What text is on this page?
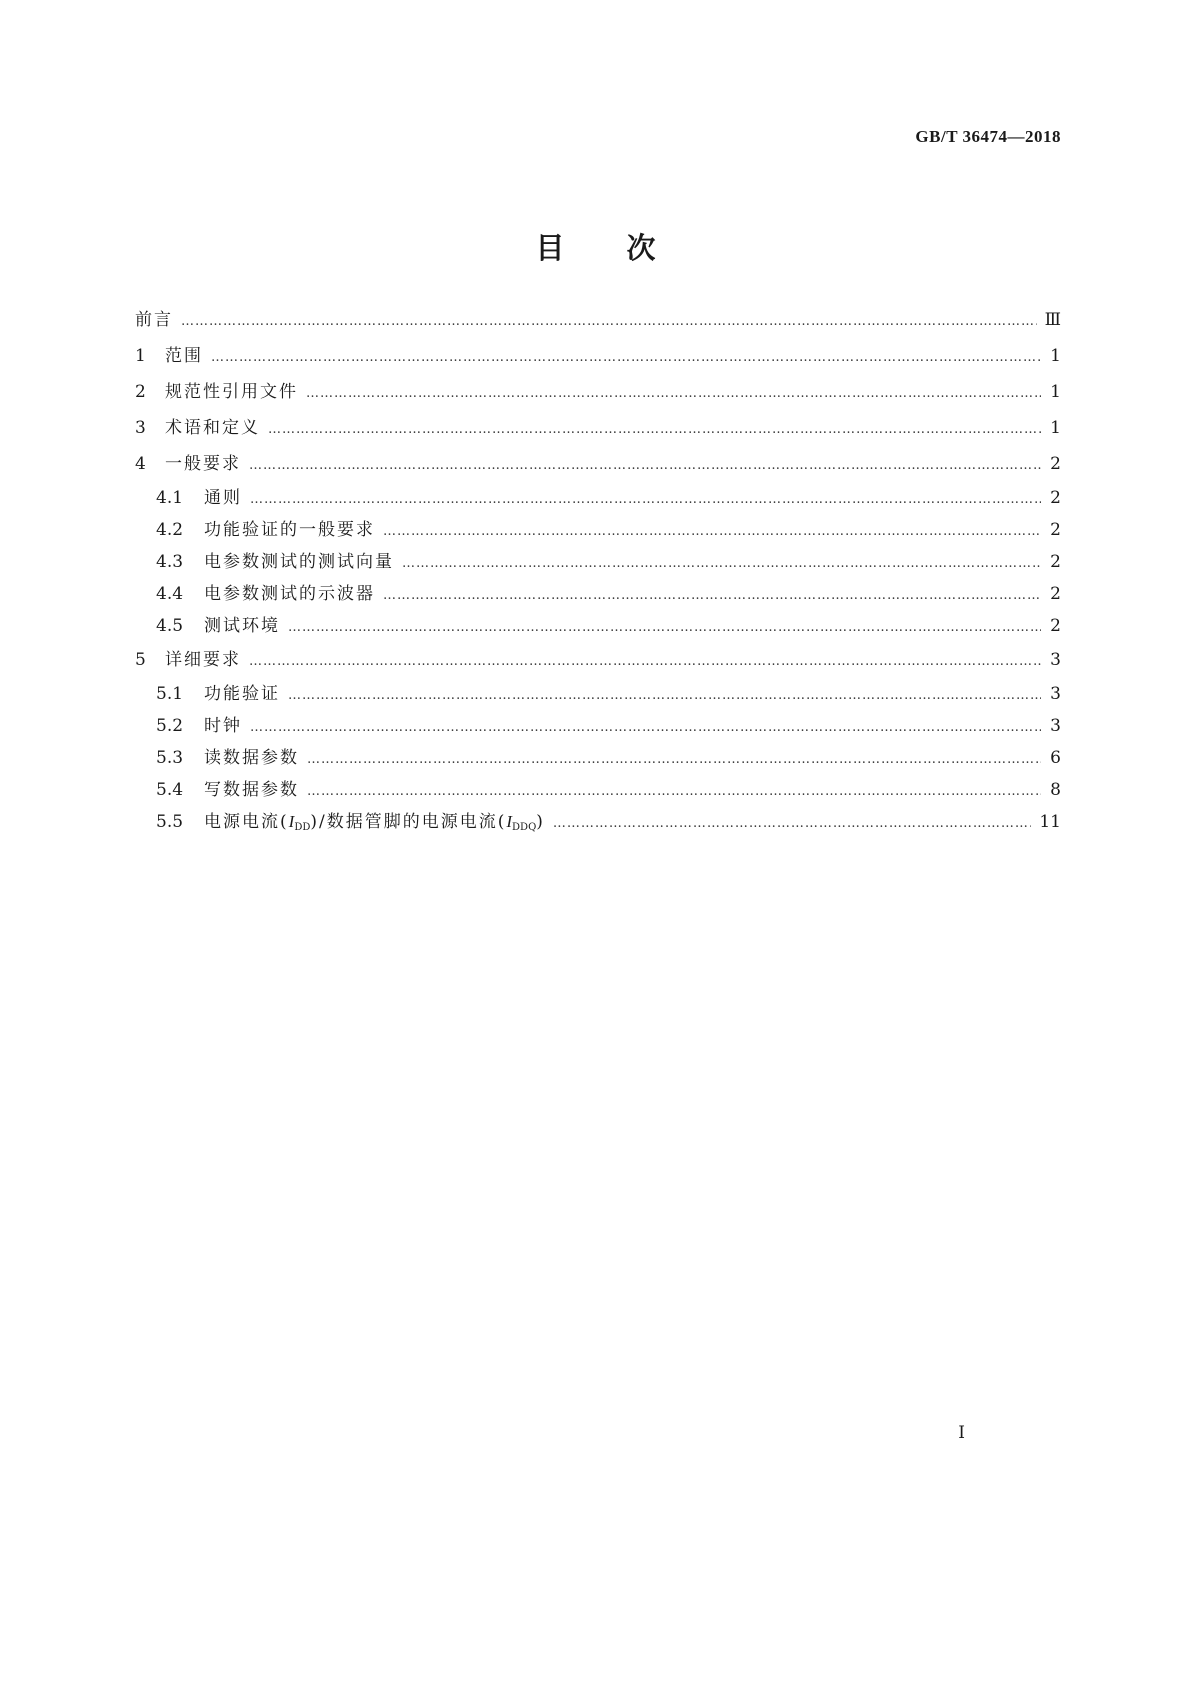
GB/T 36474—2018
目次
前言 …………………………………………………………………………………………………………………………………………………………………………………………………………	Ⅲ
1	范围 …………………………………………………………………………………………………………………………………………………………………………………………………………	1
2	规范性引用文件 …………………………………………………………………………………………………………………………………………………………………………………………………………	1
3	术语和定义 …………………………………………………………………………………………………………………………………………………………………………………………………………	1
4	一般要求 …………………………………………………………………………………………………………………………………………………………………………………………………………	2
4.1	通则 …………………………………………………………………………………………………………………………………………………………………………………………………………	2
4.2	功能验证的一般要求 …………………………………………………………………………………………………………………………………………………………………………………………………………	2
4.3	电参数测试的测试向量 …………………………………………………………………………………………………………………………………………………………………………………………………………	2
4.4	电参数测试的示波器 …………………………………………………………………………………………………………………………………………………………………………………………………………	2
4.5	测试环境 …………………………………………………………………………………………………………………………………………………………………………………………………………	2
5	详细要求 …………………………………………………………………………………………………………………………………………………………………………………………………………	3
5.1	功能验证 …………………………………………………………………………………………………………………………………………………………………………………………………………	3
5.2	时钟 …………………………………………………………………………………………………………………………………………………………………………………………………………	3
5.3	读数据参数 …………………………………………………………………………………………………………………………………………………………………………………………………………	6
5.4	写数据参数 …………………………………………………………………………………………………………………………………………………………………………………………………………	8
5.5	电源电流$(I_{DD})/$数据管脚的电源电流$(I_{DDQ})$ …………………………………………………………………………………………………………………………………………………………………………………………………………	11
I
